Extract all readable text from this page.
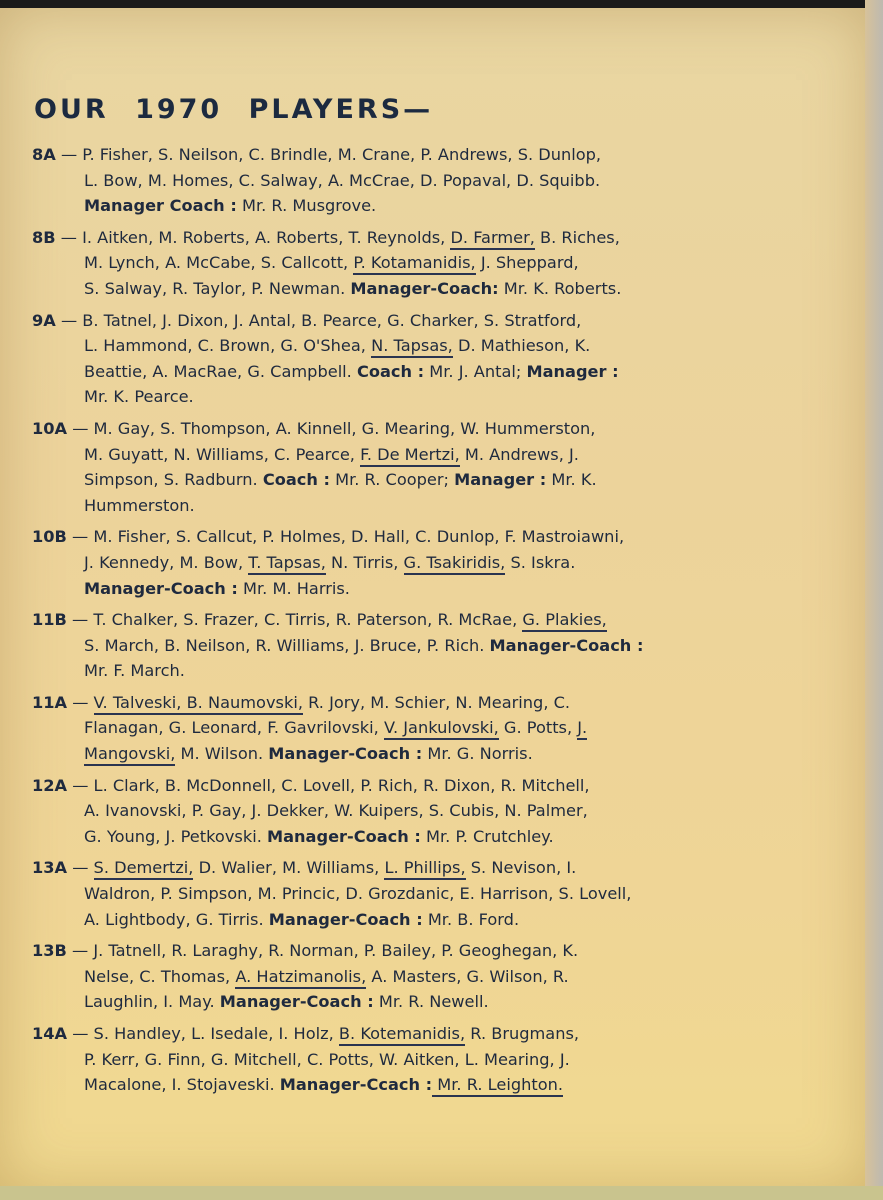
OUR 1970 PLAYERS—
8A — P. Fisher, S. Neilson, C. Brindle, M. Crane, P. Andrews, S. Dunlop,
L. Bow, M. Homes, C. Salway, A. McCrae, D. Popaval, D. Squibb.
Manager Coach : Mr. R. Musgrove.
8B — I. Aitken, M. Roberts, A. Roberts, T. Reynolds, D. Farmer, B. Riches,
M. Lynch, A. McCabe, S. Callcott, P. Kotamanidis, J. Sheppard,
S. Salway, R. Taylor, P. Newman. Manager-Coach: Mr. K. Roberts.
9A — B. Tatnel, J. Dixon, J. Antal, B. Pearce, G. Charker, S. Stratford,
L. Hammond, C. Brown, G. O'Shea, N. Tapsas, D. Mathieson, K.
Beattie, A. MacRae, G. Campbell. Coach : Mr. J. Antal; Manager :
Mr. K. Pearce.
10A — M. Gay, S. Thompson, A. Kinnell, G. Mearing, W. Hummerston,
M. Guyatt, N. Williams, C. Pearce, F. De Mertzi, M. Andrews, J.
Simpson, S. Radburn. Coach : Mr. R. Cooper; Manager : Mr. K.
Hummerston.
10B — M. Fisher, S. Callcut, P. Holmes, D. Hall, C. Dunlop, F. Mastroiawni,
J. Kennedy, M. Bow, T. Tapsas, N. Tirris, G. Tsakiridis, S. Iskra.
Manager-Coach : Mr. M. Harris.
11B — T. Chalker, S. Frazer, C. Tirris, R. Paterson, R. McRae, G. Plakies,
S. March, B. Neilson, R. Williams, J. Bruce, P. Rich. Manager-Coach :
Mr. F. March.
11A — V. Talveski, B. Naumovski, R. Jory, M. Schier, N. Mearing, C.
Flanagan, G. Leonard, F. Gavrilovski, V. Jankulovski, G. Potts, J.
Mangovski, M. Wilson. Manager-Coach : Mr. G. Norris.
12A — L. Clark, B. McDonnell, C. Lovell, P. Rich, R. Dixon, R. Mitchell,
A. Ivanovski, P. Gay, J. Dekker, W. Kuipers, S. Cubis, N. Palmer,
G. Young, J. Petkovski. Manager-Coach : Mr. P. Crutchley.
13A — S. Demertzi, D. Walier, M. Williams, L. Phillips, S. Nevison, I.
Waldron, P. Simpson, M. Princic, D. Grozdanic, E. Harrison, S. Lovell,
A. Lightbody, G. Tirris. Manager-Coach : Mr. B. Ford.
13B — J. Tatnell, R. Laraghy, R. Norman, P. Bailey, P. Geoghegan, K.
Nelse, C. Thomas, A. Hatzimanolis, A. Masters, G. Wilson, R.
Laughlin, I. May. Manager-Coach : Mr. R. Newell.
14A — S. Handley, L. Isedale, I. Holz, B. Kotemanidis, R. Brugmans,
P. Kerr, G. Finn, G. Mitchell, C. Potts, W. Aitken, L. Mearing, J.
Macalone, I. Stojaveski. Manager-Ccach : Mr. R. Leighton.
